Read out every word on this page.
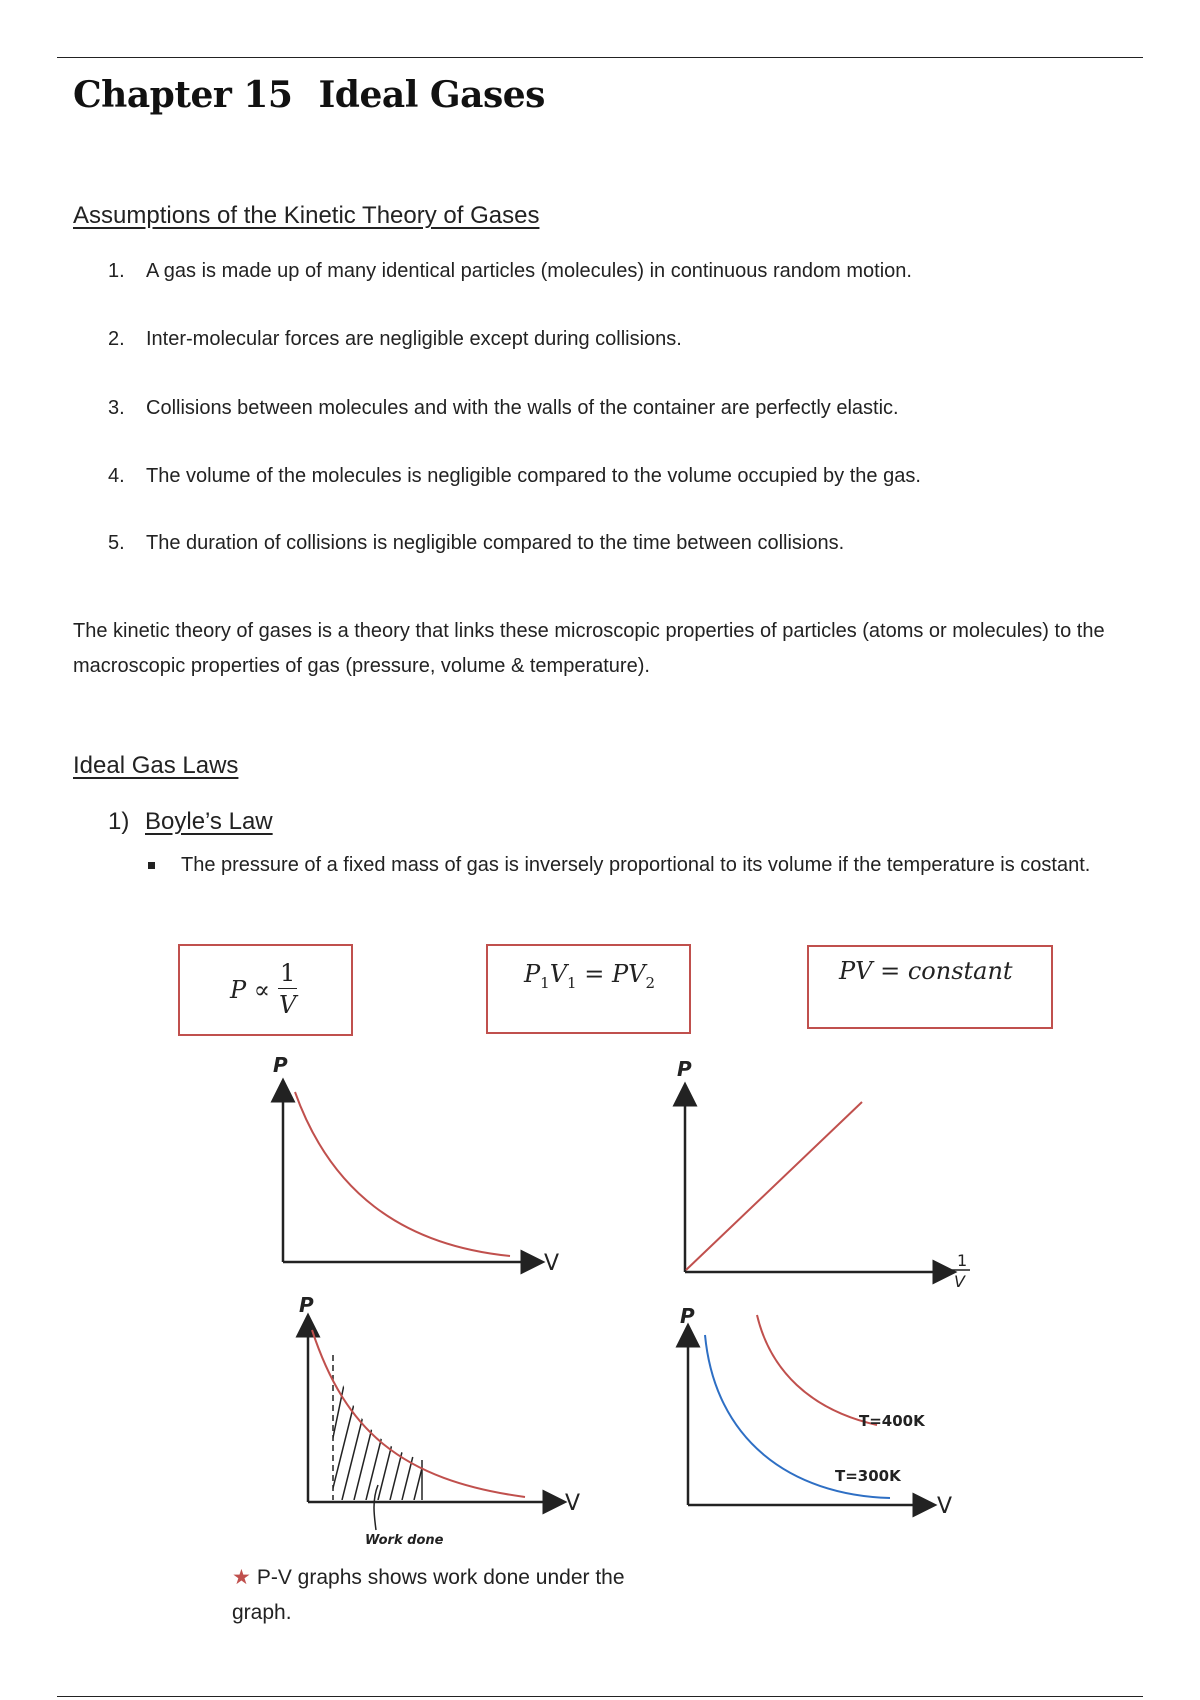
Chapter 15 Ideal Gases
Assumptions of the Kinetic Theory of Gases
1. A gas is made up of many identical particles (molecules) in continuous random motion.
2. Inter-molecular forces are negligible except during collisions.
3. Collisions between molecules and with the walls of the container are perfectly elastic.
4. The volume of the molecules is negligible compared to the volume occupied by the gas.
5. The duration of collisions is negligible compared to the time between collisions.

The kinetic theory of gases is a theory that links these microscopic properties of particles (atoms or molecules) to the macroscopic properties of gas (pressure, volume & temperature).

Ideal Gas Laws
1) Boyle’s Law
The pressure of a fixed mass of gas is inversely proportional to its volume if the temperature is costant.
$P \propto \frac{1}{V}$	$P_1V_1 = PV_2$	PV = constant
P
V
P
1
V
P
V
Work done
P
V
T=400K
T=300K
★ P-V graphs shows work done under the graph.
